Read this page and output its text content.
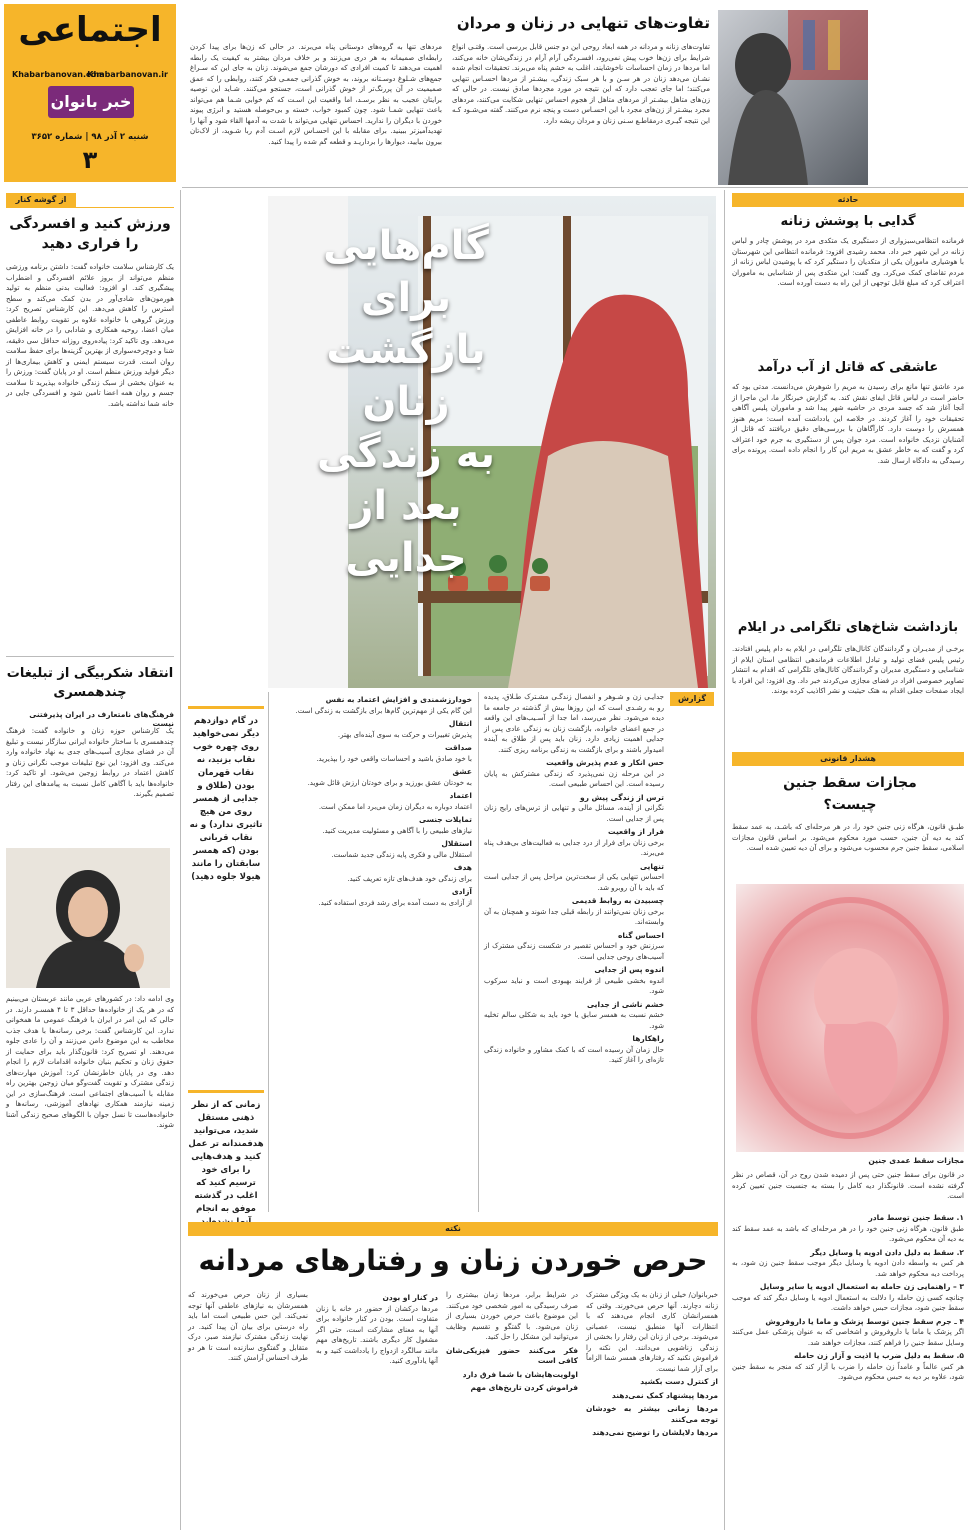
اجتماعی
Khabarbanovan.ir
Khabarbanovan.com
خبر بانوان
شنبه ۲ آذر ۹۸ | شماره ۳۶۵۲
۳
تفاوت‌های تنهایی در زنان و مردان
تفاوت‌های زنانه و مردانه در همه ابعاد روحی این دو جنس قابل بررسی است. وقتـی انواع شرایط برای زن‌ها خوب پیش نمی‌رود، افسـردگی آرام آرام در زندگی‌شان خانه می‌کند، اما مردها در زمان احساسات ناخوشایند، اغلب به خشم پناه می‌برند. تحقیقات انجام شده نشـان می‌دهد زنان در هر سـن و با هر سبک زندگی، بیشـتر از مردها احسـاس تنهایی می‌کنند؛ اما جای تعجب دارد که این نتیجه در مورد مجردها صادق نیست. در حالی که زن‌های متاهل بیشـتر از مردهای متاهل از هجوم احساس تنهایی شکایت می‌کنند، مردهای مجرد بیشـتر از زن‌های مجرد با این احسـاس دست و پنجه نرم می‌کنند. گفته می‌شـود کـه این نتیجه گیـری درمقاطـع سـنی زنان و مردان ریشه دارد.
مردهای تنها به گروه‌های دوستانی پناه می‌برند. در حالی که زن‌ها برای پیدا کردن رابطه‌ای صمیمانه به هر دری می‌زنند و بر خلاف مردان بیشتر به کیفیت یک رابطه اهمیت می‌دهند تا کمیت افرادی که دورشان جمع می‌شوند. زنان به جای این که سـراغ جمع‌های شـلوغ دوسـتانه بروند، به خوش گذرانی جمعـی فکر کنند، روابطی را که عمق صمیمیت در آن پررنگ‌تر از خوش گذرانی است، جستجو می‌کنند. شـاید این توصیه برایتان عجیب به نظر برسـد، اما واقعیت این اسـت که کم خوابی شـما هم می‌تواند باعث تنهایی شمـا شود. چون کمبود خواب، خسته و بی‌حوصله هستید و انرژی پیوند خوردن با دیگران را ندارید. احساس تنهایی می‌تواند با شدت به آدمها القاء شود و آنها را تهدیدآمیزتر ببینید. برای مقابله با این احسـاس لازم اسـت آدم ربا شـوید، از لاک‌تان بیرون بیایید، دیوارها را برداریـد و قطعه گم شده را پیدا کنید.
گام‌هایی برای
بازگشت زنان
به زندگی
بعد از جدایی
از گوشه کنار
ورزش کنید و افسردگی را فراری دهید
یک کارشناس سلامت خانواده گفت: داشتن برنامه ورزشی منظم می‌تواند از بروز علائم افسردگی و اضطراب پیشگیری کند. او افزود: فعالیت بدنی منظم به تولید هورمون‌های شادی‌آور در بدن کمک می‌کند و سطح استرس را کاهش می‌دهد. این کارشناس تصریح کرد: ورزش گروهی با خانواده علاوه بر تقویت روابط عاطفی میان اعضا، روحیه همکاری و شادابی را در خانه افزایش می‌دهد. وی تاکید کرد: پیاده‌روی روزانه حداقل سی دقیقه، شنا و دوچرخه‌سواری از بهترین گزینه‌ها برای حفظ سلامت روان است. قدرت سیستم ایمنی و کاهش بیماری‌ها از دیگر فواید ورزش منظم است. او در پایان گفت: ورزش را به عنوان بخشی از سبک زندگی خانواده بپذیرید تا سلامت جسم و روان همه اعضا تامین شود و افسردگی جایی در خانه شما نداشته باشد.
انتقاد شکربیگی از تبلیغات چندهمسری
فرهنگ‌های نامتعارف در ایران پذیرفتنی نیست
یک کارشناس حوزه زنان و خانواده گفت: فرهنگ چندهمسری با ساختار خانواده ایرانی سازگار نیست و تبلیغ آن در فضای مجازی آسیب‌های جدی به نهاد خانواده وارد می‌کند. وی افزود: این نوع تبلیغات موجب نگرانی زنان و کاهش اعتماد در روابط زوجین می‌شود. او تاکید کرد: خانواده‌ها باید با آگاهی کامل نسبت به پیامدهای این رفتار تصمیم بگیرند.
وی ادامه داد: در کشورهای عربی مانند عربستان می‌بینیم که در هر یک از خانواده‌ها حداقل ۳ تا ۴ همسـر دارند. در حالی که این امر در ایران با فرهنگ عمومی ما همخوانی ندارد. این کارشناس گفت: برخی رسانه‌ها با هدف جذب مخاطب به این موضوع دامن می‌زنند و آن را عادی جلوه می‌دهند. او تصریح کرد: قانون‌گذار باید برای حمایت از حقوق زنان و تحکیم بنیان خانواده اقدامات لازم را انجام دهد. وی در پایان خاطرنشان کرد: آموزش مهارت‌های زندگی مشترک و تقویت گفت‌وگو میان زوجین بهترین راه مقابله با آسیب‌های اجتماعی است. فرهنگ‌سازی در این زمینه نیازمند همکاری نهادهای آموزشی، رسانه‌ها و خانواده‌هاست تا نسل جوان با الگوهای صحیح زندگی آشنا شوند.
حادثه
گدایی با پوشش زنانه
فرمانده انتظامی‌سبزواری از دستگیری یک متکدی مرد در پوشش چادر و لباس زنانه در این شهر خبر داد. محمد رشیدی افزود: فرمانده انتظامی این شهرستان با هوشیاری ماموران یکی از متکدیان را دستگیر کرد که با پوشیدن لباس زنانه از مردم تقاضای کمک می‌کرد. وی گفت: این متکدی پس از شناسایی به ماموران اعتراف کرد که مبلغ قابل توجهی از این راه به دست آورده است.
عاشقی که قاتل از آب درآمد
مرد عاشق تنها مانع برای رسیدن به مریم را شوهرش می‌دانست. مدتی بود که حاضر است در لباس قاتل ایفای نقش کند. به گزارش خبرنگار ما، این ماجرا از آنجا آغاز شد که جسد مردی در حاشیه شهر پیدا شد و ماموران پلیس آگاهی تحقیقات خود را آغاز کردند. در خلاصه این یادداشت آمده است: مریم هنوز همسرش را دوست دارد. کارآگاهان با بررسی‌های دقیق دریافتند که قاتل از آشنایان نزدیک خانواده است. مرد جوان پس از دستگیری به جرم خود اعتراف کرد و گفت که به خاطر عشق به مریم این کار را انجام داده است. پرونده برای رسیدگی به دادگاه ارسال شد.
بازداشت شاخ‌های تلگرامی در ایلام
برخـی از مدیـران و گردانندگان کانال‌های تلگرامی در ایلام به دام پلیس افتادند. رئیس پلیس فضای تولید و تبادل اطلاعات فرماندهی انتظامی استان ایلام از شناسایی و دستگیری مدیران و گردانندگان کانال‌های تلگرامی که اقدام به انتشار تصاویر خصوصی افراد در فضای مجازی می‌کردند خبر داد. وی افزود: این افراد با ایجاد صفحات جعلی اقدام به هتک حیثیت و نشر اکاذیب کرده بودند.
هشدار قانونی
مجازات سقط جنین چیست؟
طبـق قانون، هرگاه زنی جنین خود را، در هر مرحله‌ای که باشـد، به عمد سقط کند به دیه آن جنین، حسب مورد محکوم می‌شود. بر اساس قانون مجازات اسلامی، سقط جنین جرم محسوب می‌شود و برای آن دیه تعیین شده است.
مجازات سقط عمدی جنین
در قانون برای سقط جنین حتی پس از دمیده شدن روح در آن، قصاص در نظر گرفته نشده است. قانونگذار دیه کامل را بسته به جنسیت جنین تعیین کرده است.
۱. سقط جنین توسط مادر
طبق قانون، هرگاه زنی جنین خود را در هر مرحله‌ای که باشد به عمد سقط کند به دیه آن محکوم می‌شود.
۲. سقط به دلیل دادن ادویه یا وسایل دیگر
هر کس به واسطه دادن ادویه یا وسایل دیگر موجب سقط جنین زن شود، به پرداخت دیه محکوم خواهد شد.
۳ – راهنمایی زن حامله به استعمال ادویه یا سایر وسایل
چنانچه کسی زن حامله را دلالت به استعمال ادویه یا وسایل دیگر کند که موجب سقط جنین شود، مجازات حبس خواهد داشت.
۴ ـ جرم سقط جنین توسط پزشک و ماما یا داروفروش
اگر پزشک یا ماما یا داروفروش و اشخاصی که به عنوان پزشکی عمل می‌کنند وسایل سقط جنین را فراهم کنند، مجازات خواهند شد.
۵. سقط به دلیل ضرب یا اذیت و آزار زن حامله
هر کس عالماً و عامداً زن حامله را ضرب یا آزار کند که منجر به سقط جنین شود، علاوه بر دیه به حبس محکوم می‌شود.
گزارش
جدایـی زن و شـوهر و انفصال زندگـی مشـترک طـلاق، پدیده رو به رشـدی است که این روزها بیش از گذشته در جامعه ما دیده می‌شود. نظر می‌رسد، اما جدا از آسـیب‌های این واقعه در جمع اعضای خانواده، بازگشت زنان به زندگی عادی پس از جدایی اهمیت زیادی دارد. زنان باید پس از طلاق به آینده امیدوار باشند و برای بازگشت به زندگی برنامه ریزی کنند.
حس انکار و عدم پذیرش واقعیت
در این مرحله زن نمی‌پذیرد که زندگی مشترکش به پایان رسیده است. این احساس طبیعی است.
ترس از زندگی پیش رو
نگرانی از آینده، مسائل مالی و تنهایی از ترس‌های رایج زنان پس از جدایی است.
فرار از واقعیت
برخی زنان برای فرار از درد جدایی به فعالیت‌های بی‌هدف پناه می‌برند.
تنهایی
احساس تنهایی یکی از سخت‌ترین مراحل پس از جدایی است که باید با آن روبرو شد.
چسبیدن به روابط قدیمی
برخی زنان نمی‌توانند از رابطه قبلی جدا شوند و همچنان به آن وابسته‌اند.
احساس گناه
سرزنش خود و احساس تقصیر در شکست زندگی مشترک از آسیب‌های روحی جدایی است.
اندوه پس از جدایی
اندوه بخشی طبیعی از فرایند بهبودی است و نباید سرکوب شود.
خشم ناشی از جدایی
خشم نسبت به همسر سابق یا خود باید به شکلی سالم تخلیه شود.
راهکارها
حال زمان آن رسیده است که با کمک مشاور و خانواده زندگی تازه‌ای را آغاز کنید.
خودارزشمندی و افزایش اعتماد به نفس
این گام یکی از مهم‌ترین گام‌ها برای بازگشت به زندگی است.
انتقال
پذیرش تغییرات و حرکت به سوی آینده‌ای بهتر.
صداقت
با خود صادق باشید و احساسات واقعی خود را بپذیرید.
عشق
به خودتان عشق بورزید و برای خودتان ارزش قائل شوید.
اعتماد
اعتماد دوباره به دیگران زمان می‌برد اما ممکن است.
تمایلات جنسی
نیازهای طبیعی را با آگاهی و مسئولیت مدیریت کنید.
استقلال
استقلال مالی و فکری پایه زندگی جدید شماست.
هدف
برای زندگی خود هدف‌های تازه تعریف کنید.
آزادی
از آزادی به دست آمده برای رشد فردی استفاده کنید.
در گام دوازدهم دیگر نمی‌خواهید روی چهره خوب نقاب بزنید، نه نقاب قهرمان بودن (طلاق و جدایی از همسر روی من هیچ تاثیری ندارد) و نه نقاب قربانی بودن (که همسر سابقتان را مانند هیولا جلوه دهید)
زمانی که از نظر ذهنی مستقل شدید، می‌توانید هدفمندانه تر عمل کنید و هدف‌هایی را برای خود ترسیم کنید که اغلب در گذشته موفق به انجام
نکته
حرص خوردن زنان و رفتارهای مردانه
خبربانوان/ خیلی از زنان به یک ویژگی مشترک زنانه دچارند. آنها حرص می‌خورند. وقتی که همسرانشان کاری انجام می‌دهند که با انتظارات آنها منطبق نیست، عصبانی می‌شوند. برخی از زنان این رفتار را بخشی از زندگی زناشویی می‌دانند. این نکته را فراموش نکنید که رفتارهای همسر شما الزاماً برای آزار شما نیست.
از کنترل دست بکشید
مردها پیشنهاد کمک نمی‌دهند
مردها زمانی بیشتر به خودشان توجه می‌کنند
مردها دلایلشان را توضیح نمی‌دهند
در شرایط برابر، مردها زمان بیشتری را صرف رسیدگی به امور شخصی خود می‌کنند. این موضوع باعث حرص خوردن بسیاری از زنان می‌شود. با گفتگو و تقسیم وظایف می‌توانید این مشکل را حل کنید.
فکر می‌کنند حضور فیزیکی‌شان کافی است
اولویت‌هایشان با شما فرق دارد
فراموش کردن تاریخ‌های مهم
در کنار او بودن
مردها درکشان از حضور در خانه با زنان متفاوت است. بودن در کنار خانواده برای آنها به معنای مشارکت است، حتی اگر مشغول کار دیگری باشند. تاریخ‌های مهم مانند سالگرد ازدواج را یادداشت کنید و به آنها یادآوری کنید.
بسیاری از زنان حرص می‌خورند که همسرشان به نیازهای عاطفی آنها توجه نمی‌کند. این حس طبیعی است اما باید راه درستی برای بیان آن پیدا کنید. در نهایت زندگی مشترک نیازمند صبر، درک متقابل و گفتگوی سازنده است تا هر دو طرف احساس آرامش کنند.
